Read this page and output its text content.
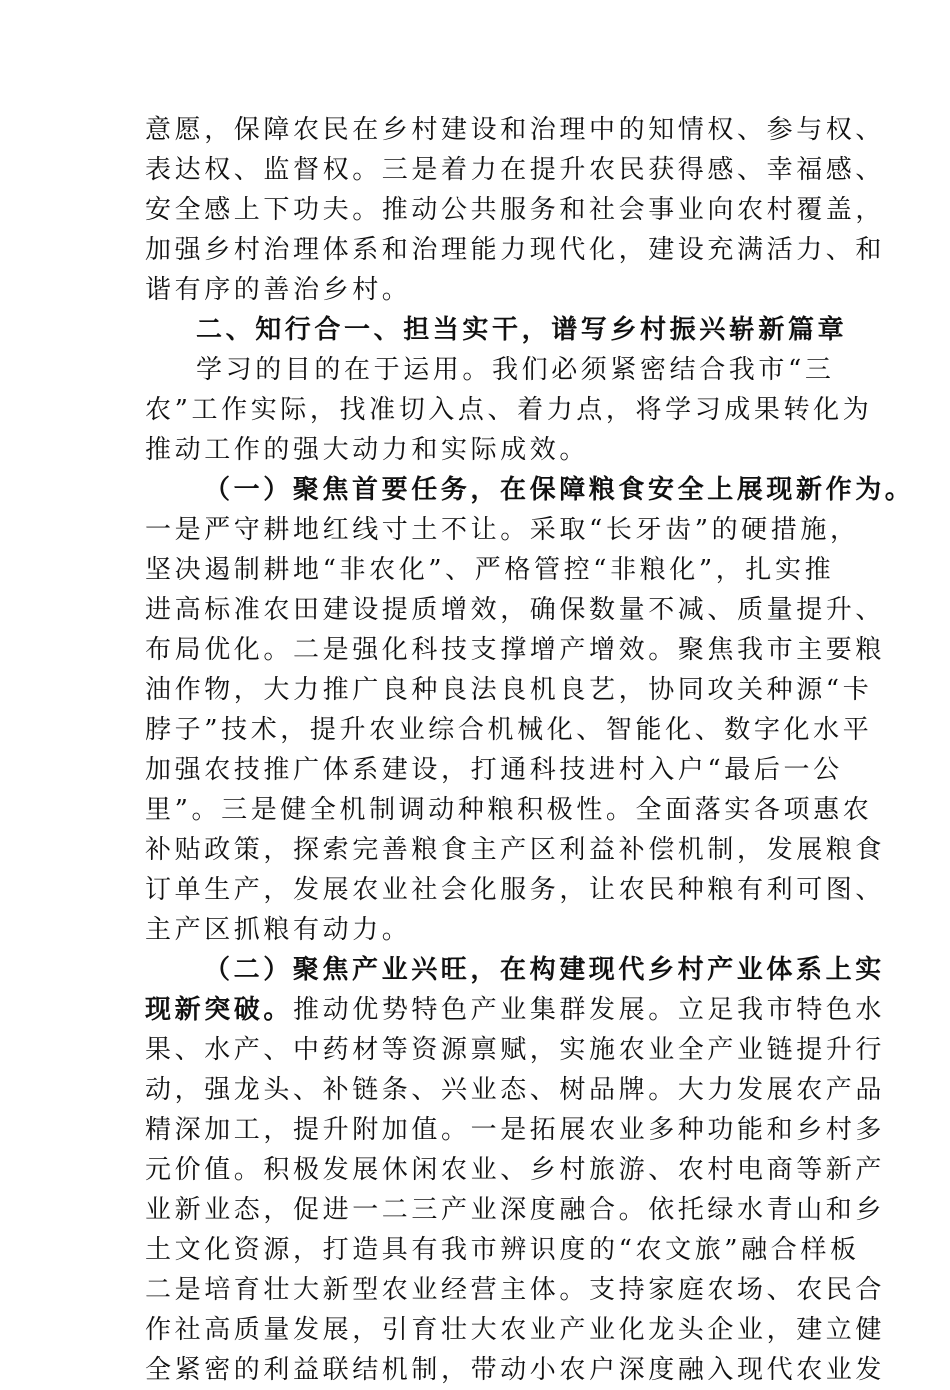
意愿，保障农民在乡村建设和治理中的知情权、参与权、
表达权、监督权。三是着力在提升农民获得感、幸福感、
安全感上下功夫。推动公共服务和社会事业向农村覆盖，
加强乡村治理体系和治理能力现代化，建设充满活力、和
谐有序的善治乡村。
二、知行合一、担当实干，谱写乡村振兴崭新篇章
学习的目的在于运用。我们必须紧密结合我市“三
农”工作实际，找准切入点、着力点，将学习成果转化为
推动工作的强大动力和实际成效。
（一）聚焦首要任务，在保障粮食安全上展现新作为。
一是严守耕地红线寸土不让。采取“长牙齿”的硬措施，
坚决遏制耕地“非农化”、严格管控“非粮化”，扎实推
进高标准农田建设提质增效，确保数量不减、质量提升、
布局优化。二是强化科技支撑增产增效。聚焦我市主要粮
油作物，大力推广良种良法良机良艺，协同攻关种源“卡
脖子”技术，提升农业综合机械化、智能化、数字化水平
加强农技推广体系建设，打通科技进村入户“最后一公
里”。三是健全机制调动种粮积极性。全面落实各项惠农
补贴政策，探索完善粮食主产区利益补偿机制，发展粮食
订单生产，发展农业社会化服务，让农民种粮有利可图、
主产区抓粮有动力。
（二）聚焦产业兴旺，在构建现代乡村产业体系上实
现新突破。推动优势特色产业集群发展。立足我市特色水
果、水产、中药材等资源禀赋，实施农业全产业链提升行
动，强龙头、补链条、兴业态、树品牌。大力发展农产品
精深加工，提升附加值。一是拓展农业多种功能和乡村多
元价值。积极发展休闲农业、乡村旅游、农村电商等新产
业新业态，促进一二三产业深度融合。依托绿水青山和乡
土文化资源，打造具有我市辨识度的“农文旅”融合样板
二是培育壮大新型农业经营主体。支持家庭农场、农民合
作社高质量发展，引育壮大农业产业化龙头企业，建立健
全紧密的利益联结机制，带动小农户深度融入现代农业发
